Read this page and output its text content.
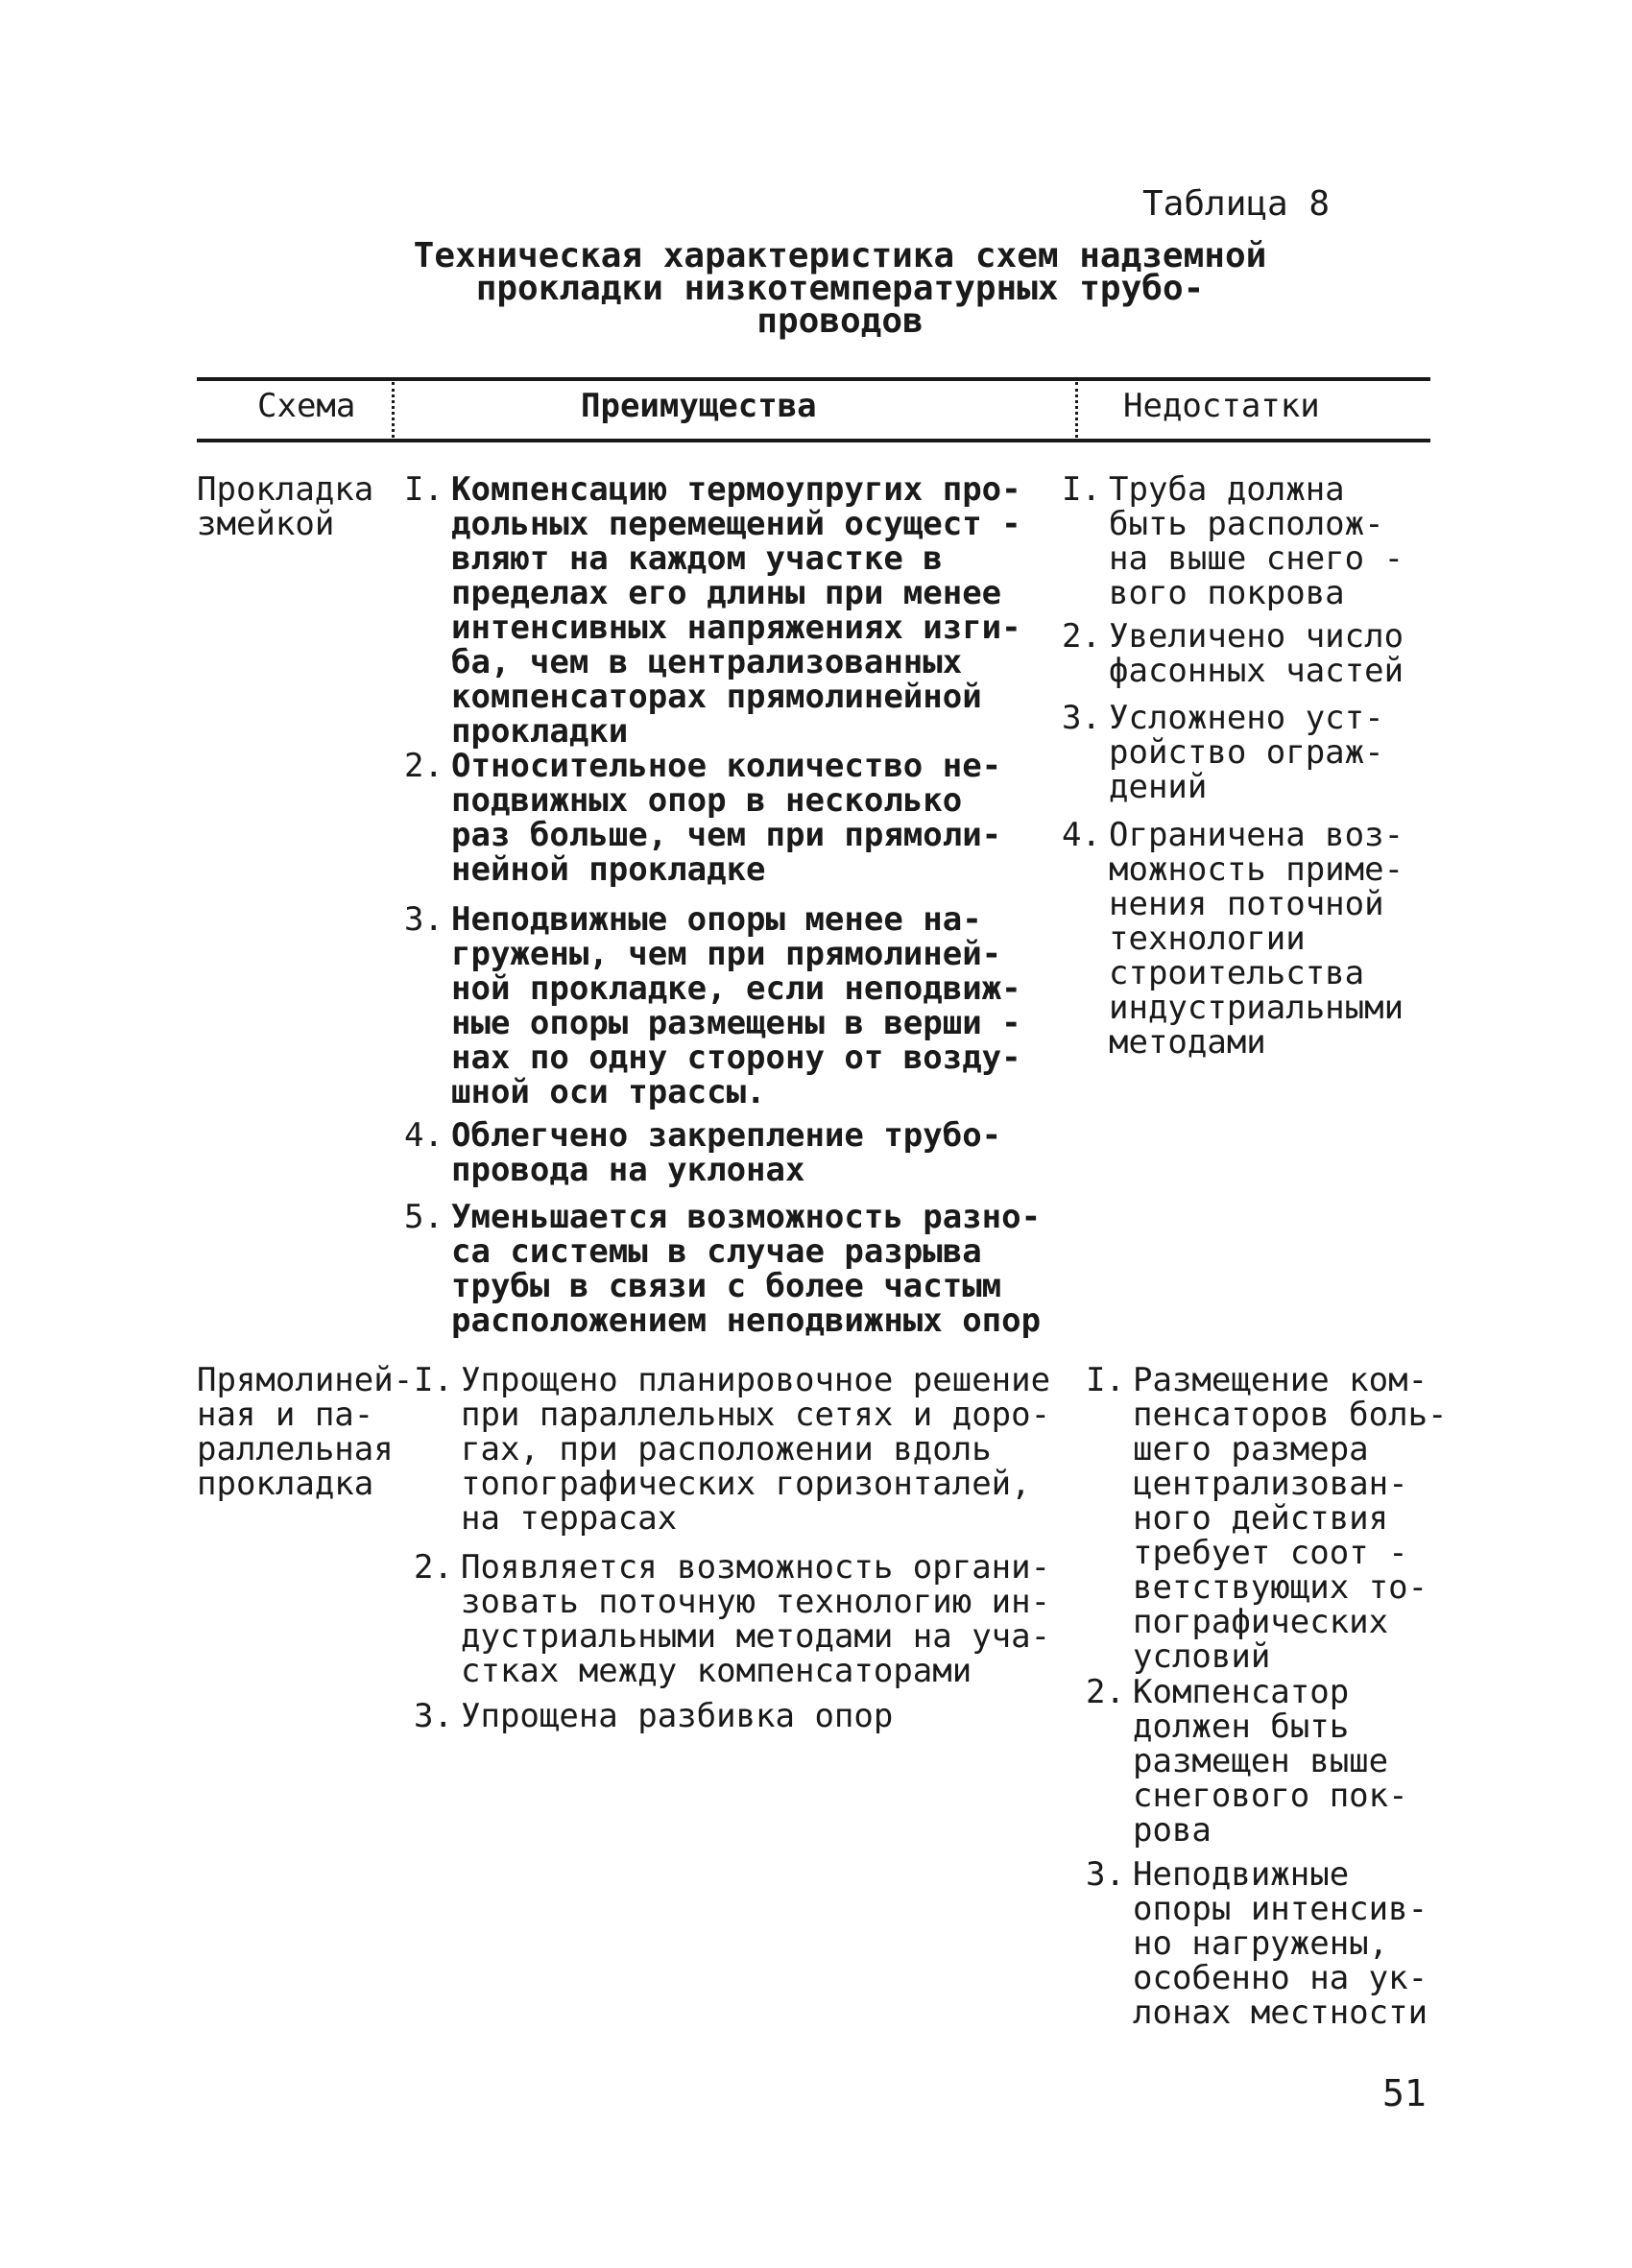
Таблица 8
Техническая характеристика схем надземной
прокладки низкотемпературных трубо-
проводов
Схема	Преимущества	Недостатки
Прокладка
змейкой
I. Компенсацию термоупругих про-
дольных перемещений осущест -
вляют на каждом участке в
пределах его длины при менее
интенсивных напряжениях изги-
ба, чем в централизованных
компенсаторах прямолинейной
прокладки
2. Относительное количество не-
подвижных опор в несколько
раз больше, чем при прямоли-
нейной прокладке
3. Неподвижные опоры менее на-
гружены, чем при прямолиней-
ной прокладке, если неподвиж-
ные опоры размещены в верши -
нах по одну сторону от возду-
шной оси трассы.
4. Облегчено закрепление трубо-
провода на уклонах
5. Уменьшается возможность разно-
са системы в случае разрыва
трубы в связи с более частым
расположением неподвижных опор
I. Труба должна
быть располож-
на выше снего -
вого покрова
2. Увеличено число
фасонных частей
3. Усложнено уст-
ройство ограж-
дений
4. Ограничена воз-
можность приме-
нения поточной
технологии
строительства
индустриальными
методами
Прямолиней-
ная и па-
раллельная
прокладка
I. Упрощено планировочное решение
при параллельных сетях и доро-
гах, при расположении вдоль
топографических горизонталей,
на террасах
2. Появляется возможность органи-
зовать поточную технологию ин-
дустриальными методами на уча-
стках между компенсаторами
3. Упрощена разбивка опор
I. Размещение ком-
пенсаторов боль-
шего размера
централизован-
ного действия
требует соот -
ветствующих то-
пографических
условий
2. Компенсатор
должен быть
размещен выше
снегового пок-
рова
3. Неподвижные
опоры интенсив-
но нагружены,
особенно на ук-
лонах местности
51
